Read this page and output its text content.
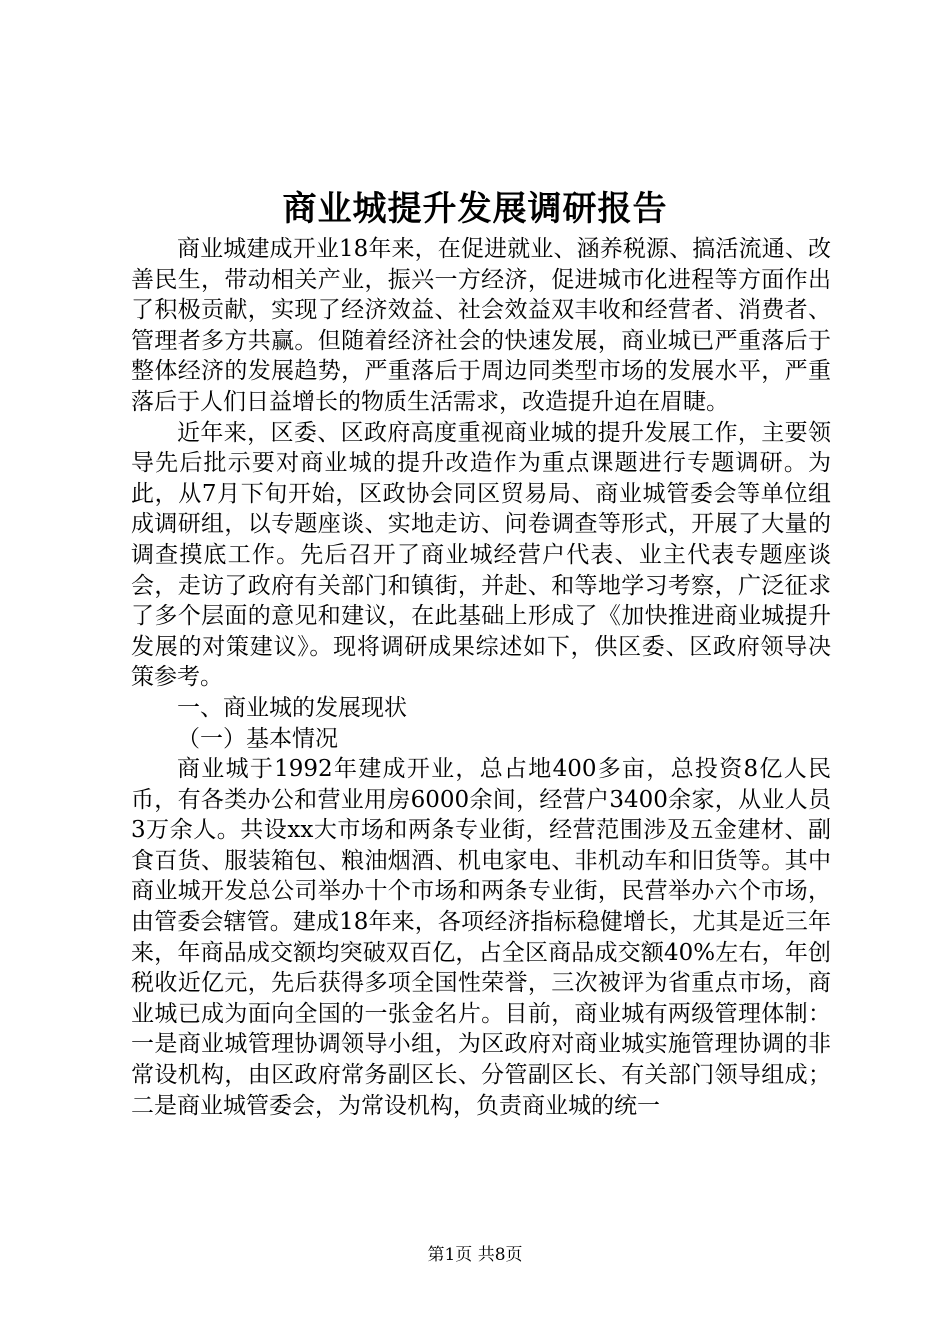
商业城提升发展调研报告

商业城建成开业18年来，在促进就业、涵养税源、搞活流通、改善民生，带动相关产业，振兴一方经济，促进城市化进程等方面作出了积极贡献，实现了经济效益、社会效益双丰收和经营者、消费者、管理者多方共赢。但随着经济社会的快速发展，商业城已严重落后于整体经济的发展趋势，严重落后于周边同类型市场的发展水平，严重落后于人们日益增长的物质生活需求，改造提升迫在眉睫。

近年来，区委、区政府高度重视商业城的提升发展工作，主要领导先后批示要对商业城的提升改造作为重点课题进行专题调研。为此，从7月下旬开始，区政协会同区贸易局、商业城管委会等单位组成调研组，以专题座谈、实地走访、问卷调查等形式，开展了大量的调查摸底工作。先后召开了商业城经营户代表、业主代表专题座谈会，走访了政府有关部门和镇街，并赴、和等地学习考察，广泛征求了多个层面的意见和建议，在此基础上形成了《加快推进商业城提升发展的对策建议》。现将调研成果综述如下，供区委、区政府领导决策参考。

一、商业城的发展现状

（一）基本情况

商业城于1992年建成开业，总占地400多亩，总投资8亿人民币，有各类办公和营业用房6000余间，经营户3400余家，从业人员3万余人。共设xx大市场和两条专业街，经营范围涉及五金建材、副食百货、服装箱包、粮油烟酒、机电家电、非机动车和旧货等。其中商业城开发总公司举办十个市场和两条专业街，民营举办六个市场，由管委会辖管。建成18年来，各项经济指标稳健增长，尤其是近三年来，年商品成交额均突破双百亿，占全区商品成交额40%左右，年创税收近亿元，先后获得多项全国性荣誉，三次被评为省重点市场，商业城已成为面向全国的一张金名片。目前，商业城有两级管理体制：一是商业城管理协调领导小组，为区政府对商业城实施管理协调的非常设机构，由区政府常务副区长、分管副区长、有关部门领导组成；二是商业城管委会，为常设机构，负责商业城的统一

第1页 共8页
